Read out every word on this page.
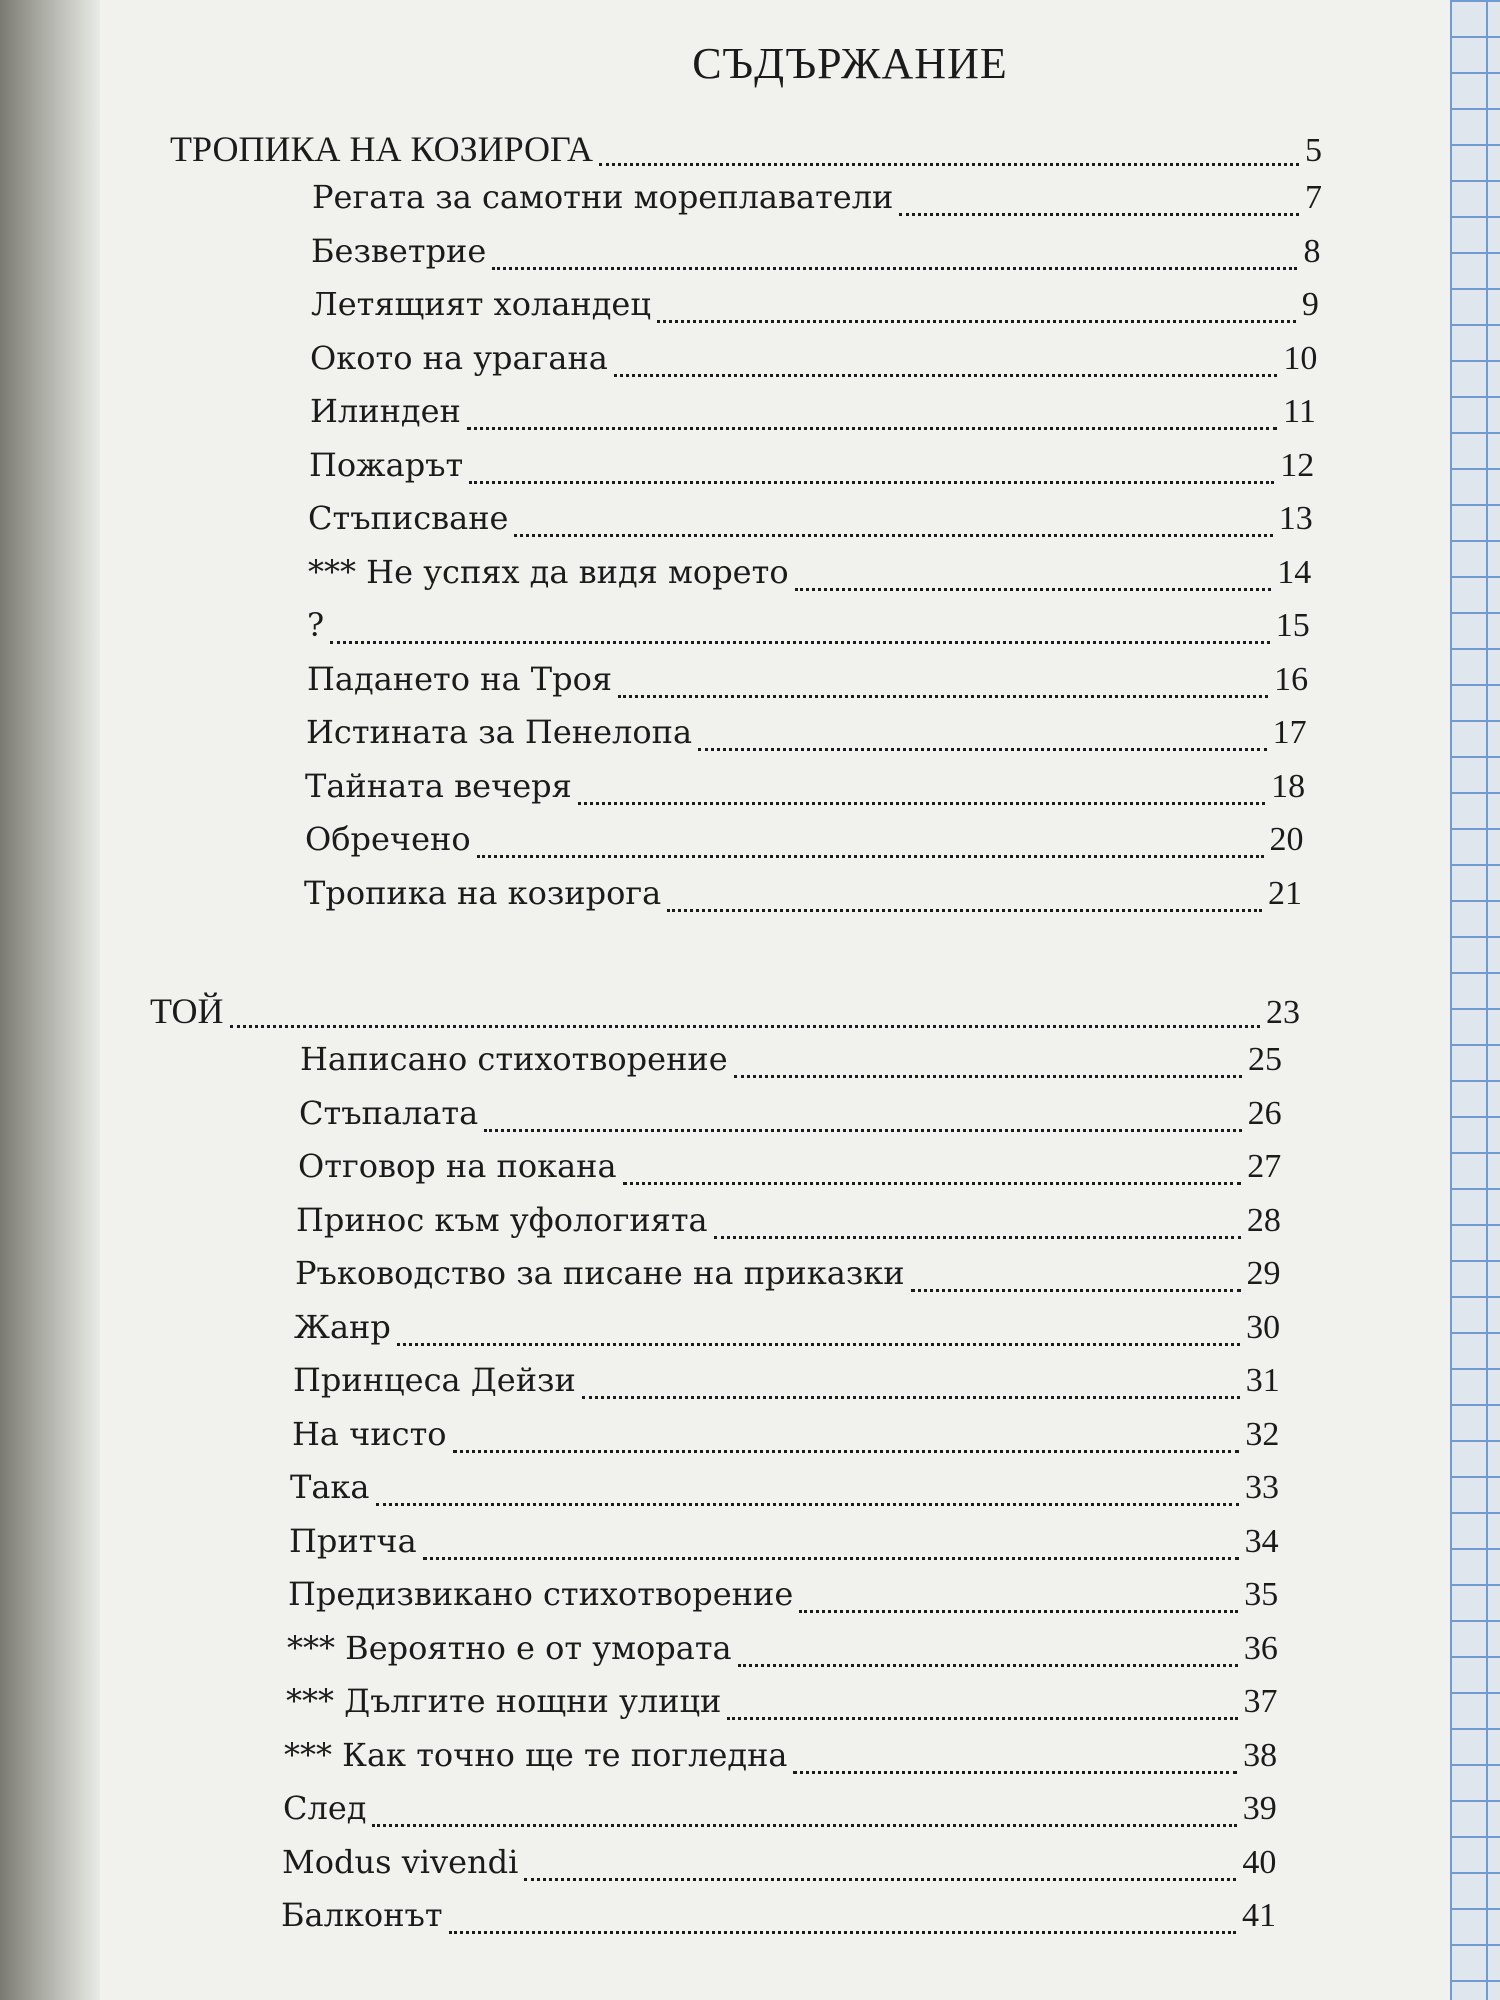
СЪДЪРЖАНИЕ
ТРОПИКА НА КОЗИРОГА	5
Регата за самотни мореплаватели	7
Безветрие	8
Летящият холандец	9
Окото на урагана	10
Илинден	11
Пожарът	12
Стъписване	13
*** Не успях да видя морето	14
?	15
Падането на Троя	16
Истината за Пенелопа	17
Тайната вечеря	18
Обречено	20
Тропика на козирога	21
ТОЙ	23
Написано стихотворение	25
Стъпалата	26
Отговор на покана	27
Принос към уфологията	28
Ръководство за писане на приказки	29
Жанр	30
Принцеса Дейзи	31
На чисто	32
Така	33
Притча	34
Предизвикано стихотворение	35
*** Вероятно е от умората	36
*** Дългите нощни улици	37
*** Как точно ще те погледна	38
След	39
Modus vivendi	40
Балконът	41
